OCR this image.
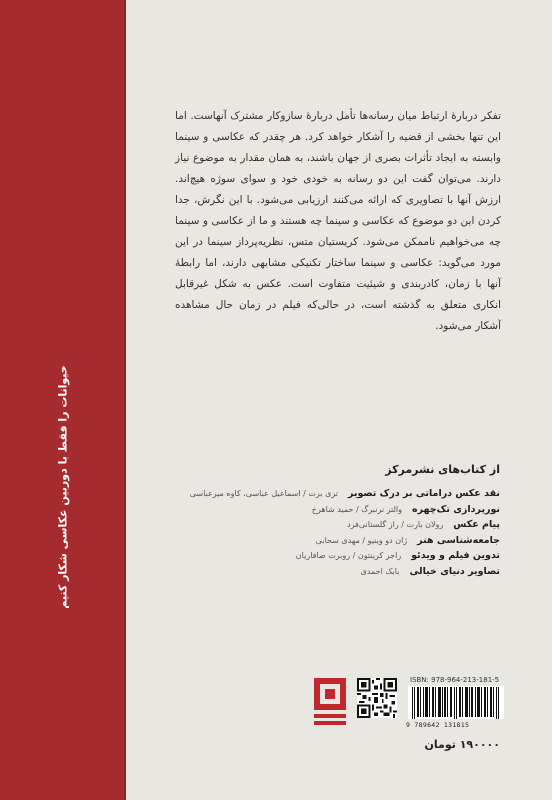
حیوانات را فقط با دوربین عکاسی شکار کنیم

تفکر دربارهٔ ارتباط میان رسانه‌ها تأمل دربارهٔ سازوکار مشترک آنهاست. اما این تنها بخشی از قضیه را آشکار خواهد کرد. هر چقدر که عکاسی و سینما وابسته به ایجاد تأثرات بصری از جهان باشند، به همان مقدار به موضوع نیاز دارند. می‌توان گفت این دو رسانه به خودی خود و سوای سوژه هیچ‌اند. ارزش آنها با تصاویری که ارائه می‌کنند ارزیابی می‌شود. با این نگرش، جدا کردن این دو موضوع که عکاسی و سینما چه هستند و ما از عکاسی و سینما چه می‌خواهیم ناممکن می‌شود. کریستیان متس، نظریه‌پرداز سینما در این مورد می‌گوید: عکاسی و سینما ساختار تکنیکی مشابهی دارند، اما رابطهٔ آنها با زمان، کادربندی و شیئیت متفاوت است. عکس به شکل غیرقابل انکاری متعلق به گذشته است، در حالی‌که فیلم در زمان حال مشاهده آشکار می‌شود.

از کتاب‌های نشرمرکز
نقد عکس دراماتی بر درک تصویر
تری برت / اسماعیل عباسی، کاوه میرعباسی
نورپردازی تک‌چهره
والتر نرنبرگ / حمید شاهرخ
پیام عکس
رولان بارت / راز گلستانی‌فرد
جامعه‌شناسی هنر
ژان دو وینیو / مهدی سحابی
تدوین فیلم و ویدئو
راجر کرینتون / روبرت صافاریان
تصاویر دنیای خیالی
بابک احمدی
ISBN: 978-964-213-181-5
9 789642 131815
۱۹۰۰۰۰ تومان
